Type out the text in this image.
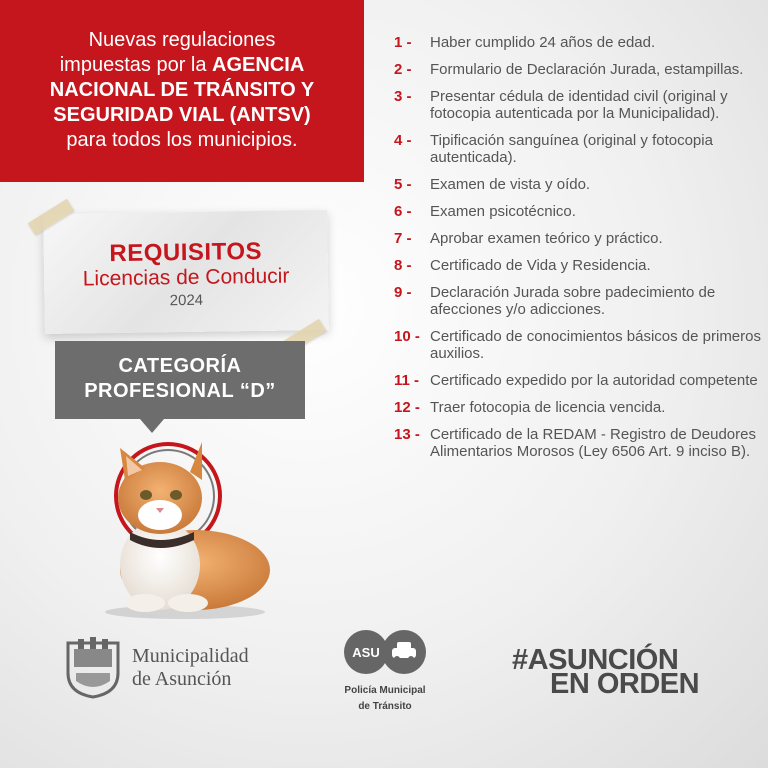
Nuevas regulaciones
impuestas por la AGENCIA
NACIONAL DE TRÁNSITO Y
SEGURIDAD VIAL (ANTSV)
para todos los municipios.
REQUISITOS
Licencias de Conducir
2024
CATEGORÍA
PROFESIONAL “D”
1 -	Haber cumplido 24 años de edad.
2 -	Formulario de Declaración Jurada, estampillas.
3 -	Presentar cédula de identidad civil (original y fotocopia autenticada por la Municipalidad).
4 -	Tipificación sanguínea (original y fotocopia autenticada).
5 -	Examen de vista y oído.
6 -	Examen psicotécnico.
7 -	Aprobar examen teórico y práctico.
8 -	Certificado de Vida y Residencia.
9 -	Declaración Jurada sobre padecimiento de afecciones y/o adicciones.
10 - Certificado de conocimientos básicos de primeros auxilios.
11 - Certificado expedido por la autoridad competente
12 - Traer fotocopia de licencia vencida.
13 - Certificado de la REDAM - Registro de Deudores Alimentarios Morosos (Ley 6506 Art. 9 inciso B).
Municipalidad
de Asunción
ASU
Policía Municipal
de Tránsito
#ASUNCIÓN
EN ORDEN
